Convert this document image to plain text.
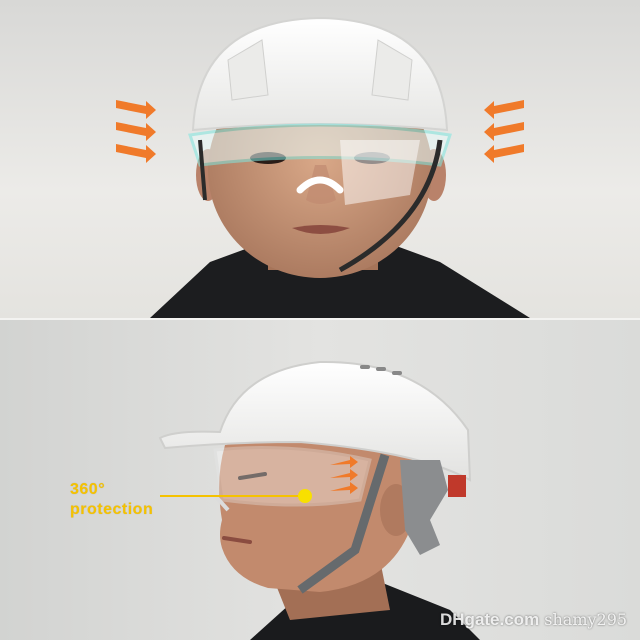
360°
protection
DHgate.com shamy295
